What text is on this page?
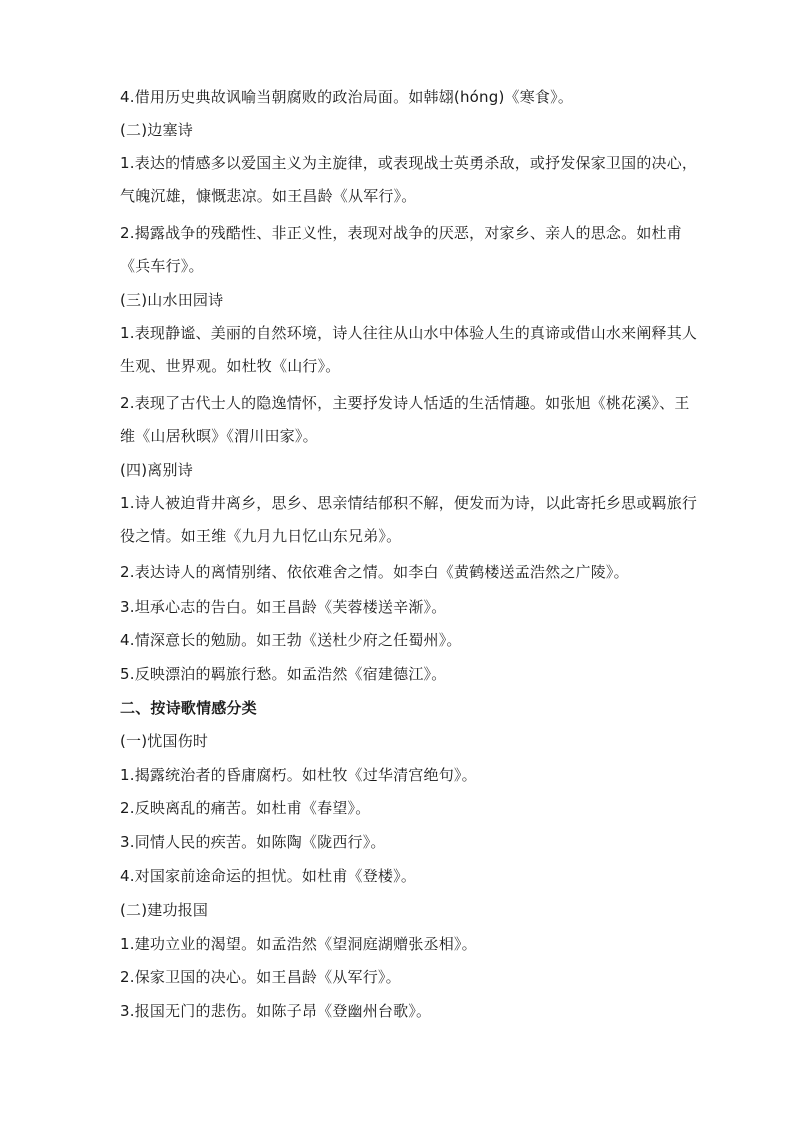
4.借用历史典故讽喻当朝腐败的政治局面。如韩翃(hóng)《寒食》。
(二)边塞诗
1.表达的情感多以爱国主义为主旋律，或表现战士英勇杀敌，或抒发保家卫国的决心，
气魄沉雄，慷慨悲凉。如王昌龄《从军行》。
2.揭露战争的残酷性、非正义性，表现对战争的厌恶，对家乡、亲人的思念。如杜甫
《兵车行》。
(三)山水田园诗
1.表现静谧、美丽的自然环境，诗人往往从山水中体验人生的真谛或借山水来阐释其人
生观、世界观。如杜牧《山行》。
2.表现了古代士人的隐逸情怀，主要抒发诗人恬适的生活情趣。如张旭《桃花溪》、王
维《山居秋暝》《渭川田家》。
(四)离别诗
1.诗人被迫背井离乡，思乡、思亲情结郁积不解，便发而为诗，以此寄托乡思或羁旅行
役之情。如王维《九月九日忆山东兄弟》。
2.表达诗人的离情别绪、依依难舍之情。如李白《黄鹤楼送孟浩然之广陵》。
3.坦承心志的告白。如王昌龄《芙蓉楼送辛渐》。
4.情深意长的勉励。如王勃《送杜少府之任蜀州》。
5.反映漂泊的羁旅行愁。如孟浩然《宿建德江》。
二、按诗歌情感分类
(一)忧国伤时
1.揭露统治者的昏庸腐朽。如杜牧《过华清宫绝句》。
2.反映离乱的痛苦。如杜甫《春望》。
3.同情人民的疾苦。如陈陶《陇西行》。
4.对国家前途命运的担忧。如杜甫《登楼》。
(二)建功报国
1.建功立业的渴望。如孟浩然《望洞庭湖赠张丞相》。
2.保家卫国的决心。如王昌龄《从军行》。
3.报国无门的悲伤。如陈子昂《登幽州台歌》。
